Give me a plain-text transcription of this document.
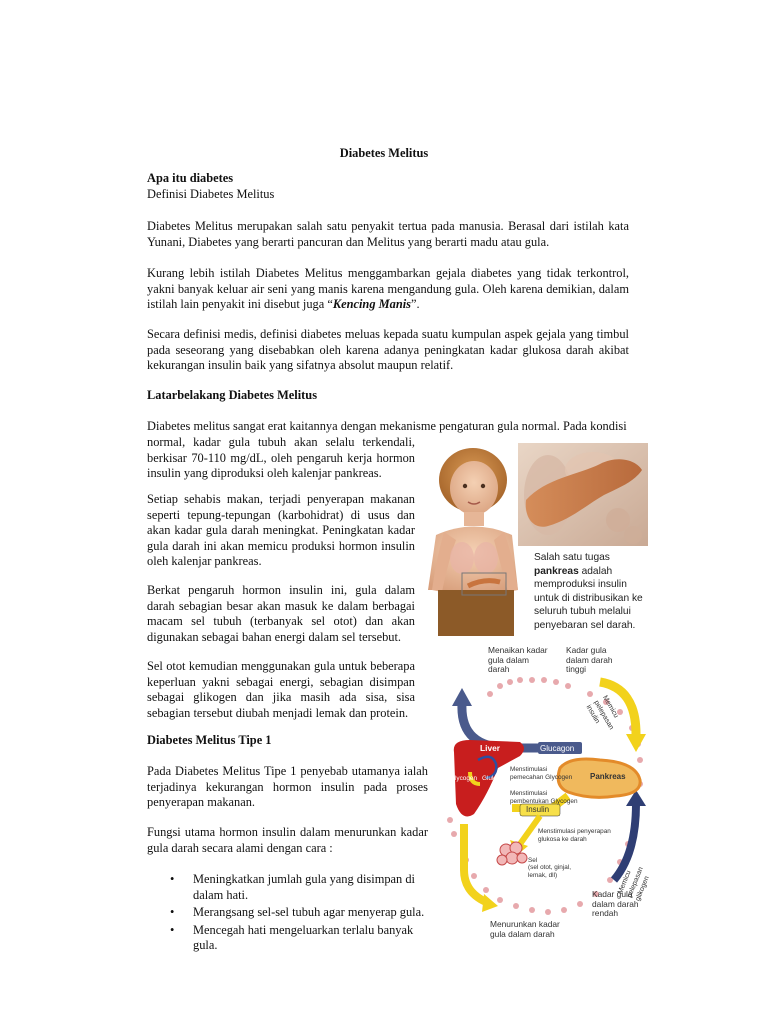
Diabetes Melitus
Apa itu diabetes
Definisi Diabetes Melitus

Diabetes Melitus merupakan salah satu penyakit tertua pada manusia. Berasal dari istilah kata Yunani, Diabetes yang berarti pancuran dan Melitus yang berarti madu atau gula.

Kurang lebih istilah Diabetes Melitus menggambarkan gejala diabetes yang tidak terkontrol, yakni banyak keluar air seni yang manis karena mengandung gula. Oleh karena demikian, dalam istilah lain penyakit ini disebut juga “Kencing Manis”.

Secara definisi medis, definisi diabetes meluas kepada suatu kumpulan aspek gejala yang timbul pada seseorang yang disebabkan oleh karena adanya peningkatan kadar glukosa darah akibat kekurangan insulin baik yang sifatnya absolut maupun relatif.

Latarbelakang Diabetes Melitus

Diabetes melitus sangat erat kaitannya dengan mekanisme pengaturan gula normal. Pada kondisi

normal, kadar gula tubuh akan selalu terkendali, berkisar 70-110 mg/dL, oleh pengaruh kerja hormon insulin yang diproduksi oleh kalenjar pankreas.

Setiap sehabis makan, terjadi penyerapan makanan seperti tepung-tepungan (karbohidrat) di usus dan akan kadar gula darah meningkat. Peningkatan kadar gula darah ini akan memicu produksi hormon insulin oleh kalenjar pankreas.

Berkat pengaruh hormon insulin ini, gula dalam darah sebagian besar akan masuk ke dalam berbagai macam sel tubuh (terbanyak sel otot) dan akan digunakan sebagai bahan energi dalam sel tersebut.

Sel otot kemudian menggunakan gula untuk beberapa keperluan yakni sebagai energi, sebagian disimpan sebagai glikogen dan jika masih ada sisa, sisa sebagian tersebut diubah menjadi lemak dan protein.

Diabetes Melitus Tipe 1

Pada Diabetes Melitus Tipe 1 penyebab utamanya ialah terjadinya kekurangan hormon insulin pada proses penyerapan makanan.

Fungsi utama hormon insulin dalam menurunkan kadar gula darah secara alami dengan cara :

• Meningkatkan jumlah gula yang disimpan di dalam hati.
• Merangsang sel-sel tubuh agar menyerap gula.
• Mencegah hati mengeluarkan terlalu banyak gula.
Salah satu tugas pankreas adalah memproduksi insulin untuk di distribusikan ke seluruh tubuh melalui penyebaran sel darah.
Menaikan kadar gula dalam darah
Kadar gula dalam darah tinggi
Memicu pelepasan insulin
Glucagon
Liver
Menstimulasi pemecahan Glycogen
Glycogen Glukosa	Pankreas
Menstimulasi pembentukan Glycogen
Insulin
Menstimulasi penyerapan glukosa ke darah
Sel
(sel otot, ginjal, lemak, dll)	Memicu pelepasan glikogen
Kadar gula dalam darah rendah
Menurunkan kadar gula dalam darah
